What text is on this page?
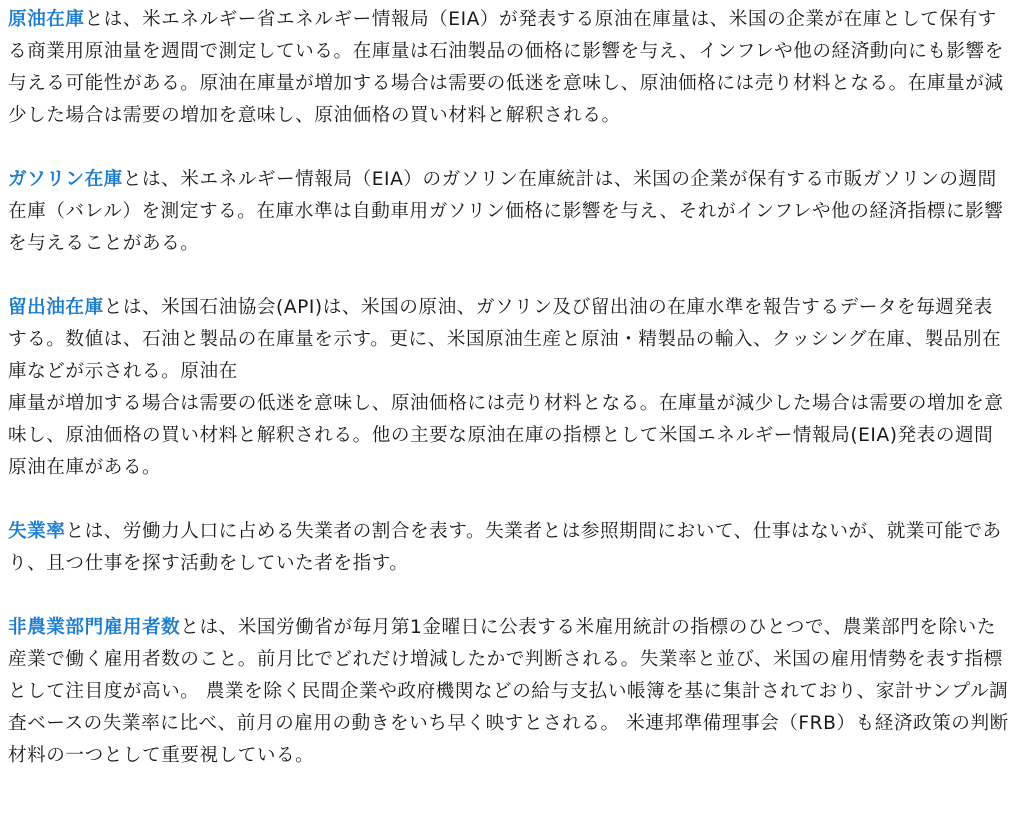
原油在庫とは、米エネルギー省エネルギー情報局（EIA）が発表する原油在庫量は、米国の企業が在庫として保有する商業用原油量を週間で測定している。在庫量は石油製品の価格に影響を与え、インフレや他の経済動向にも影響を与える可能性がある。原油在庫量が増加する場合は需要の低迷を意味し、原油価格には売り材料となる。在庫量が減少した場合は需要の増加を意味し、原油価格の買い材料と解釈される。

ガソリン在庫とは、米エネルギー情報局（EIA）のガソリン在庫統計は、米国の企業が保有する市販ガソリンの週間在庫（バレル）を測定する。在庫水準は自動車用ガソリン価格に影響を与え、それがインフレや他の経済指標に影響を与えることがある。

留出油在庫とは、米国石油協会(API)は、米国の原油、ガソリン及び留出油の在庫水準を報告するデータを毎週発表する。数値は、石油と製品の在庫量を示す。更に、米国原油生産と原油・精製品の輸入、クッシング在庫、製品別在庫などが示される。原油在
庫量が増加する場合は需要の低迷を意味し、原油価格には売り材料となる。在庫量が減少した場合は需要の増加を意味し、原油価格の買い材料と解釈される。他の主要な原油在庫の指標として米国エネルギー情報局(EIA)発表の週間原油在庫がある。

失業率とは、労働力人口に占める失業者の割合を表す。失業者とは参照期間において、仕事はないが、就業可能であり、且つ仕事を探す活動をしていた者を指す。

非農業部門雇用者数とは、米国労働省が毎月第1金曜日に公表する米雇用統計の指標のひとつで、農業部門を除いた産業で働く雇用者数のこと。前月比でどれだけ増減したかで判断される。失業率と並び、米国の雇用情勢を表す指標として注目度が高い。 農業を除く民間企業や政府機関などの給与支払い帳簿を基に集計されており、家計サンプル調査ベースの失業率に比べ、前月の雇用の動きをいち早く映すとされる。 米連邦準備理事会（FRB）も経済政策の判断材料の一つとして重要視している。
